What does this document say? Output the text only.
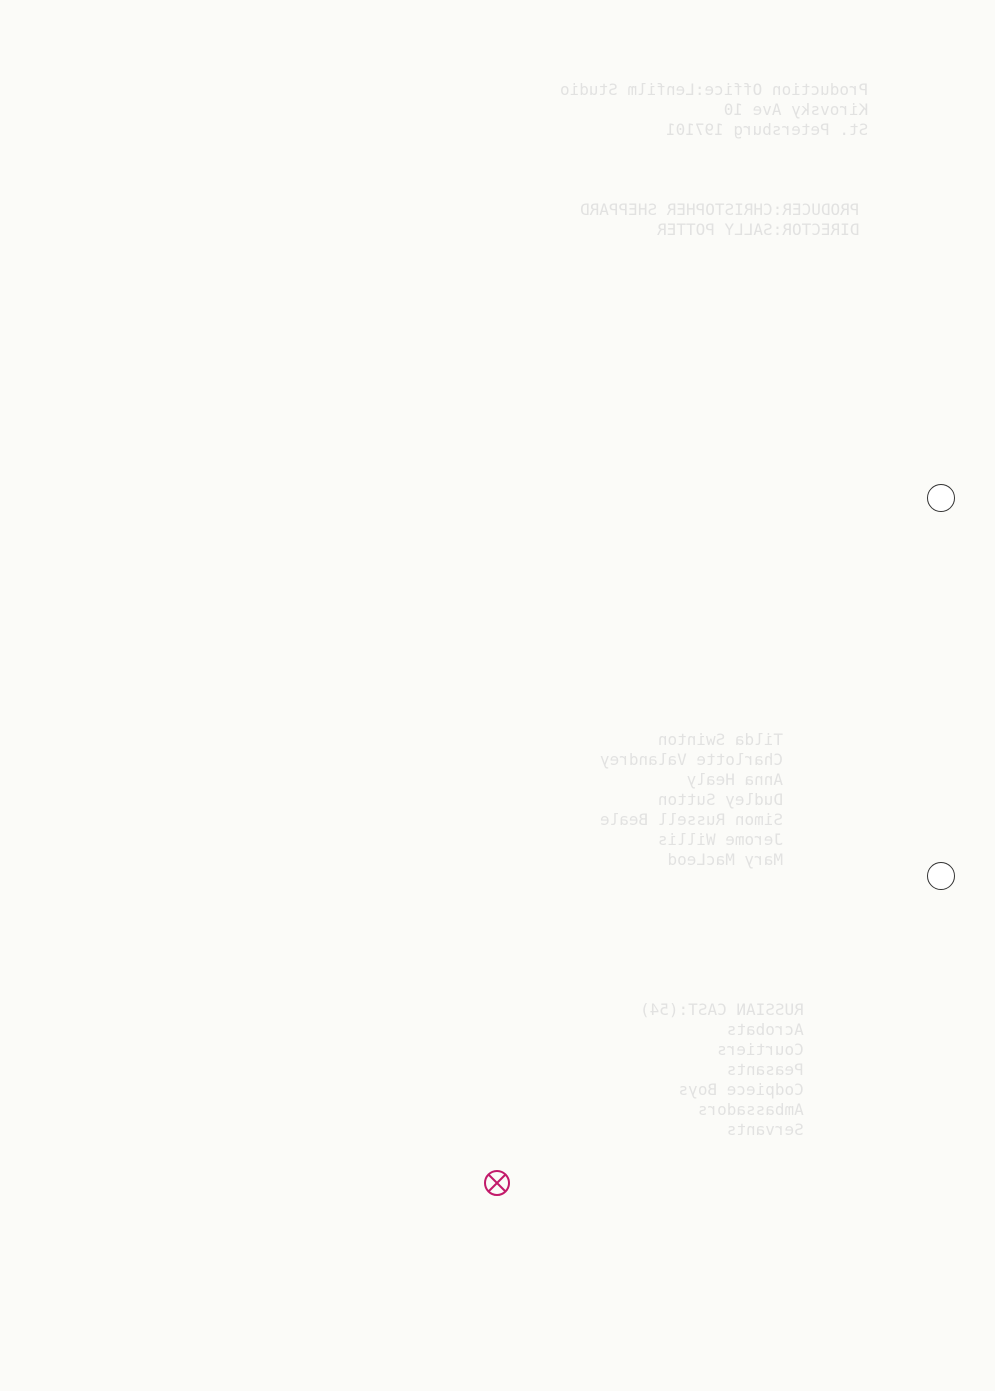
Production Office:Lenfilm Studio
Kirovsky Ave 10
St. Petersburg 197101
PRODUCER:CHRISTOPHER SHEPPARD
DIRECTOR:SALLY POTTER
Tilda Swinton
Charlotte Valandrey
Anna Healy
Dudley Sutton
Simon Russell Beale
Jerome Willis
Mary MacLeod
RUSSIAN CAST:(54)
Acrobats
Courtiers
Peasants
Codpiece Boys
Ambassadors
Servants
